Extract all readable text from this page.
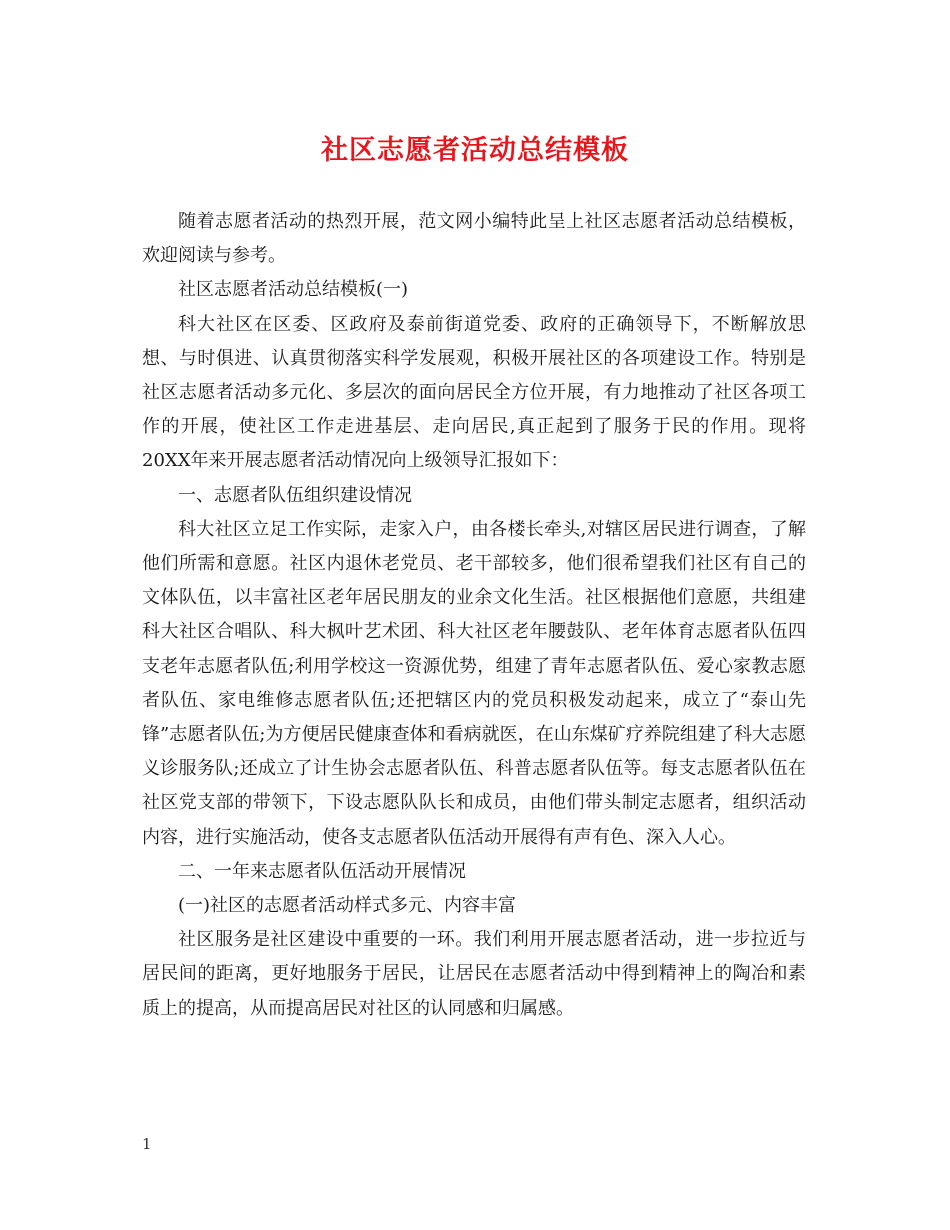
社区志愿者活动总结模板

随着志愿者活动的热烈开展，范文网小编特此呈上社区志愿者活动总结模板，欢迎阅读与参考。

社区志愿者活动总结模板(一)

科大社区在区委、区政府及泰前街道党委、政府的正确领导下，不断解放思想、与时俱进、认真贯彻落实科学发展观，积极开展社区的各项建设工作。特别是社区志愿者活动多元化、多层次的面向居民全方位开展，有力地推动了社区各项工作的开展，使社区工作走进基层、走向居民,真正起到了服务于民的作用。现将20XX年来开展志愿者活动情况向上级领导汇报如下：

一、志愿者队伍组织建设情况

科大社区立足工作实际，走家入户，由各楼长牵头,对辖区居民进行调查，了解他们所需和意愿。社区内退休老党员、老干部较多，他们很希望我们社区有自己的文体队伍，以丰富社区老年居民朋友的业余文化生活。社区根据他们意愿，共组建科大社区合唱队、科大枫叶艺术团、科大社区老年腰鼓队、老年体育志愿者队伍四支老年志愿者队伍;利用学校这一资源优势，组建了青年志愿者队伍、爱心家教志愿者队伍、家电维修志愿者队伍;还把辖区内的党员积极发动起来，成立了“泰山先锋”志愿者队伍;为方便居民健康查体和看病就医，在山东煤矿疗养院组建了科大志愿义诊服务队;还成立了计生协会志愿者队伍、科普志愿者队伍等。每支志愿者队伍在社区党支部的带领下，下设志愿队队长和成员，由他们带头制定志愿者，组织活动内容，进行实施活动，使各支志愿者队伍活动开展得有声有色、深入人心。

二、一年来志愿者队伍活动开展情况

(一)社区的志愿者活动样式多元、内容丰富

社区服务是社区建设中重要的一环。我们利用开展志愿者活动，进一步拉近与居民间的距离，更好地服务于居民，让居民在志愿者活动中得到精神上的陶冶和素质上的提高，从而提高居民对社区的认同感和归属感。

1
